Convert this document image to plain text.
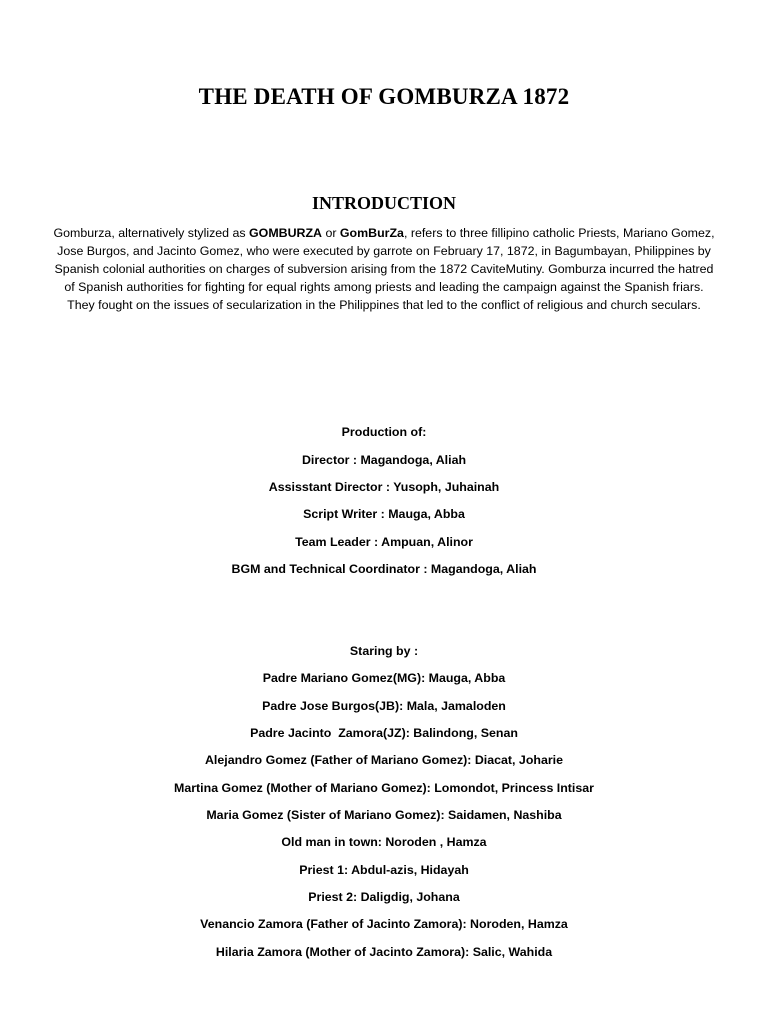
THE DEATH OF GOMBURZA 1872
INTRODUCTION

Gomburza, alternatively stylized as GOMBURZA or GomBurZa, refers to three fillipino catholic Priests, Mariano Gomez, Jose Burgos, and Jacinto Gomez, who were executed by garrote on February 17, 1872, in Bagumbayan, Philippines by Spanish colonial authorities on charges of subversion arising from the 1872 CaviteMutiny. Gomburza incurred the hatred of Spanish authorities for fighting for equal rights among priests and leading the campaign against the Spanish friars. They fought on the issues of secularization in the Philippines that led to the conflict of religious and church seculars.

Production of:

Director : Magandoga, Aliah

Assisstant Director : Yusoph, Juhainah

Script Writer : Mauga, Abba

Team Leader : Ampuan, Alinor

BGM and Technical Coordinator : Magandoga, Aliah

Staring by :

Padre Mariano Gomez(MG): Mauga, Abba

Padre Jose Burgos(JB): Mala, Jamaloden

Padre Jacinto  Zamora(JZ): Balindong, Senan

Alejandro Gomez (Father of Mariano Gomez): Diacat, Joharie

Martina Gomez (Mother of Mariano Gomez): Lomondot, Princess Intisar

Maria Gomez (Sister of Mariano Gomez): Saidamen, Nashiba

Old man in town: Noroden , Hamza

Priest 1: Abdul-azis, Hidayah

Priest 2: Daligdig, Johana

Venancio Zamora (Father of Jacinto Zamora): Noroden, Hamza

Hilaria Zamora (Mother of Jacinto Zamora): Salic, Wahida
